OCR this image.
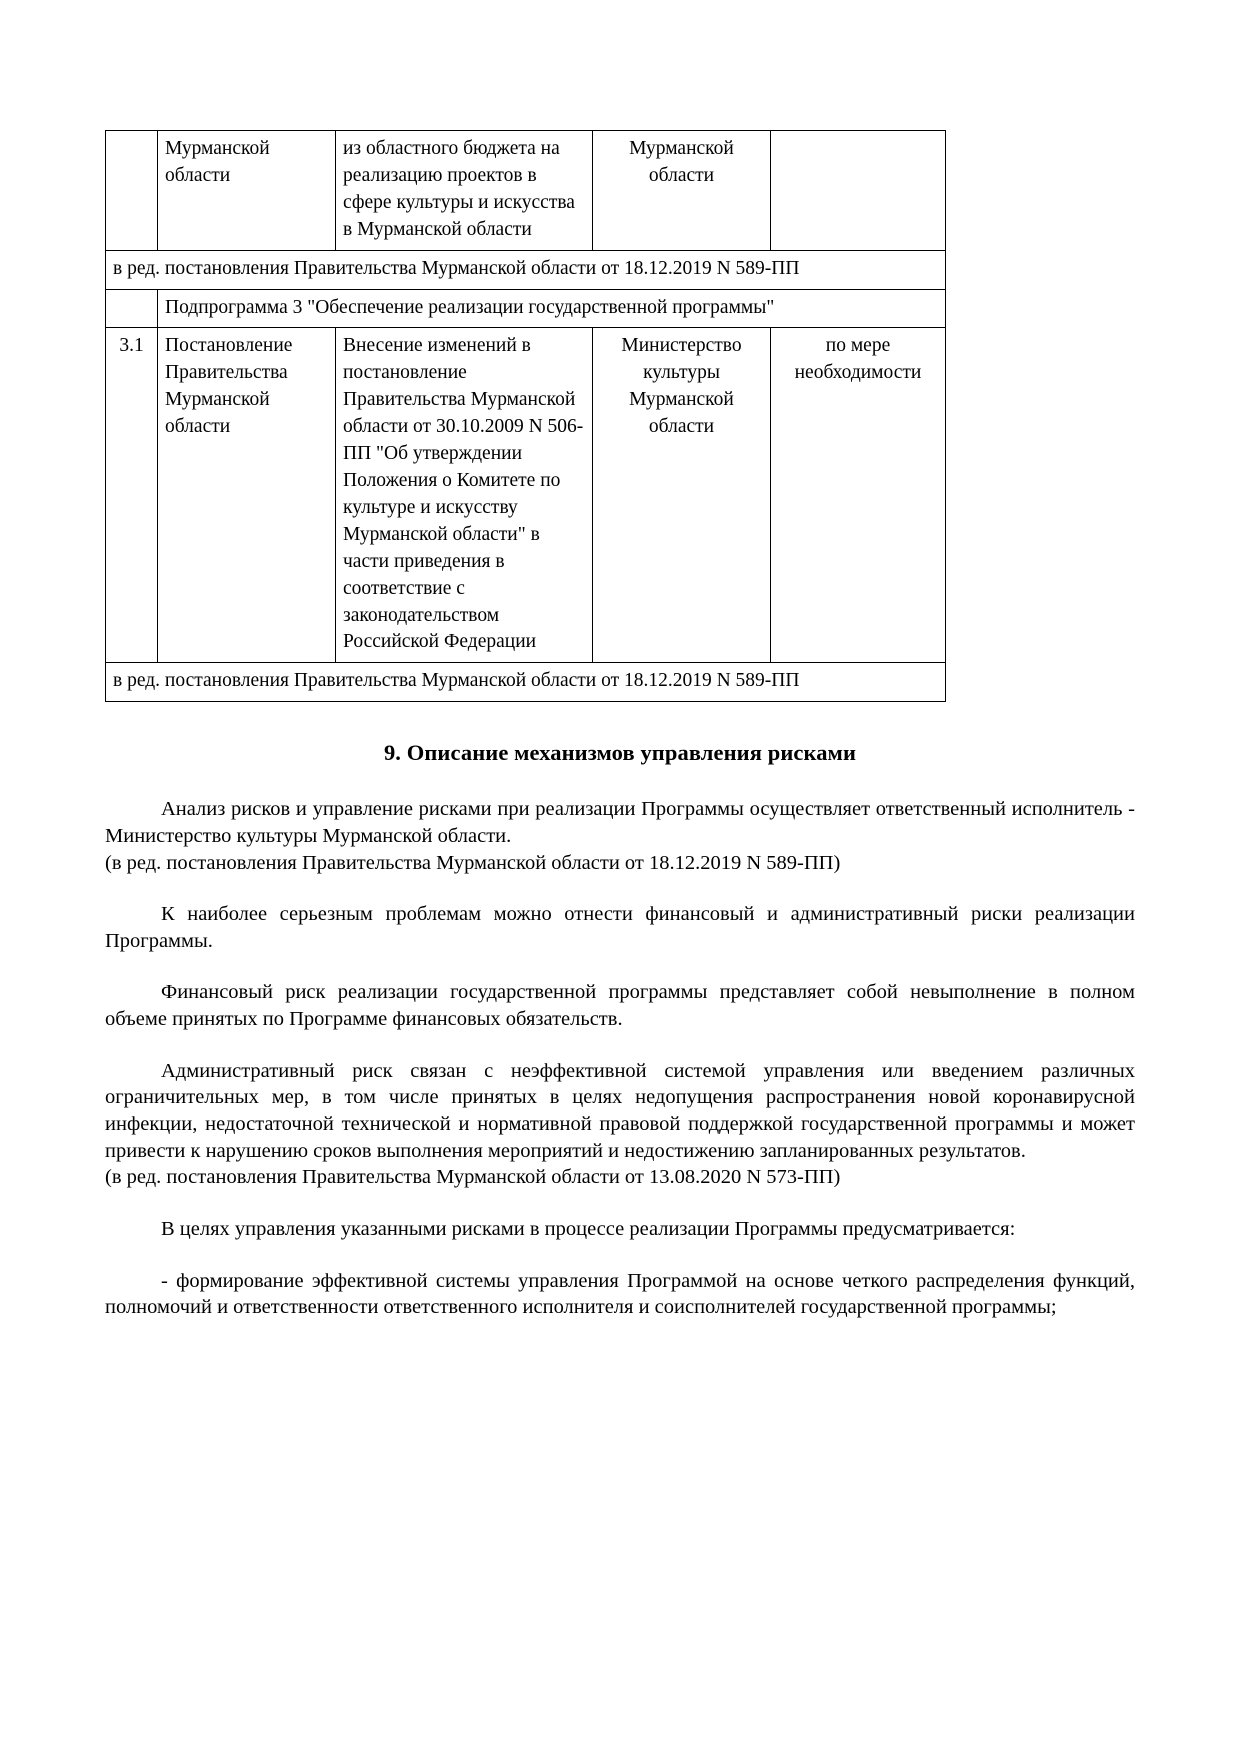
	Мурманской области	из областного бюджета на реализацию проектов в сфере культуры и искусства в Мурманской области	Мурманской области	
в ред. постановления Правительства Мурманской области от 18.12.2019 N 589-ПП				
	Подпрограмма 3 "Обеспечение реализации государственной программы"			
3.1	Постановление Правительства Мурманской области	Внесение изменений в постановление Правительства Мурманской области от 30.10.2009 N 506-ПП "Об утверждении Положения о Комитете по культуре и искусству Мурманской области" в части приведения в соответствие с законодательством Российской Федерации	Министерство культуры Мурманской области	по мере необходимости
в ред. постановления Правительства Мурманской области от 18.12.2019 N 589-ПП				
9. Описание механизмов управления рисками

Анализ рисков и управление рисками при реализации Программы осуществляет ответственный исполнитель - Министерство культуры Мурманской области.

(в ред. постановления Правительства Мурманской области от 18.12.2019 N 589-ПП)

К наиболее серьезным проблемам можно отнести финансовый и административный риски реализации Программы.

Финансовый риск реализации государственной программы представляет собой невыполнение в полном объеме принятых по Программе финансовых обязательств.

Административный риск связан с неэффективной системой управления или введением различных ограничительных мер, в том числе принятых в целях недопущения распространения новой коронавирусной инфекции, недостаточной технической и нормативной правовой поддержкой государственной программы и может привести к нарушению сроков выполнения мероприятий и недостижению запланированных результатов.

(в ред. постановления Правительства Мурманской области от 13.08.2020 N 573-ПП)

В целях управления указанными рисками в процессе реализации Программы предусматривается:

- формирование эффективной системы управления Программой на основе четкого распределения функций, полномочий и ответственности ответственного исполнителя и соисполнителей государственной программы;
